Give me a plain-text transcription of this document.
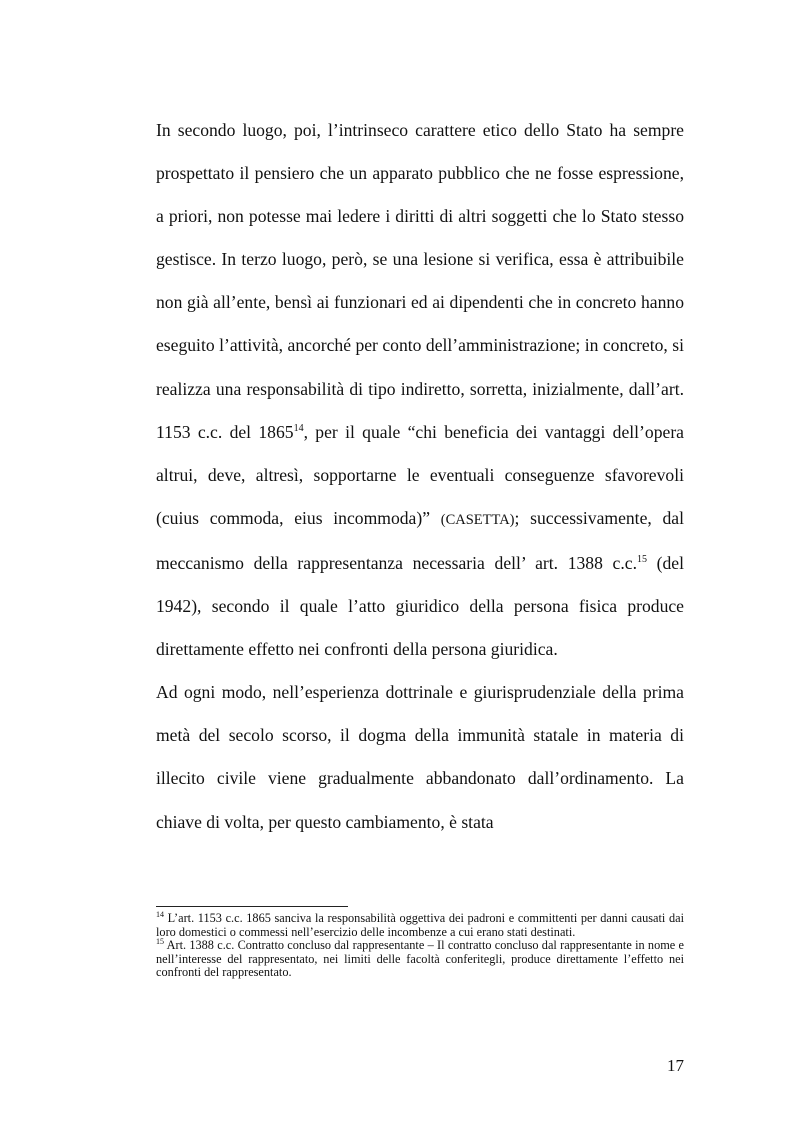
In secondo luogo, poi, l’intrinseco carattere etico dello Stato ha sempre prospettato il pensiero che un apparato pubblico che ne fosse espressione, a priori, non potesse mai ledere i diritti di altri soggetti che lo Stato stesso gestisce. In terzo luogo, però, se una lesione si verifica, essa è attribuibile non già all’ente, bensì ai funzionari ed ai dipendenti che in concreto hanno eseguito l’attività, ancorché per conto dell’amministrazione; in concreto, si realizza una responsabilità di tipo indiretto, sorretta, inizialmente, dall’art. 1153 c.c. del 1865$^{14}$, per il quale “chi beneficia dei vantaggi dell’opera altrui, deve, altresì, sopportarne le eventuali conseguenze sfavorevoli (cuius commoda, eius incommoda)” (CASETTA); successivamente, dal meccanismo della rappresentanza necessaria dell’ art. 1388 c.c.$^{15}$ (del 1942), secondo il quale l’atto giuridico della persona fisica produce direttamente effetto nei confronti della persona giuridica.

Ad ogni modo, nell’esperienza dottrinale e giurisprudenziale della prima metà del secolo scorso, il dogma della immunità statale in materia di illecito civile viene gradualmente abbandonato dall’ordinamento. La chiave di volta, per questo cambiamento, è stata

$^{14}$ L’art. 1153 c.c. 1865 sanciva la responsabilità oggettiva dei padroni e committenti per danni causati dai loro domestici o commessi nell’esercizio delle incombenze a cui erano stati destinati.

$^{15}$ Art. 1388 c.c. Contratto concluso dal rappresentante – Il contratto concluso dal rappresentante in nome e nell’interesse del rappresentato, nei limiti delle facoltà conferitegli, produce direttamente l’effetto nei confronti del rappresentato.

17
